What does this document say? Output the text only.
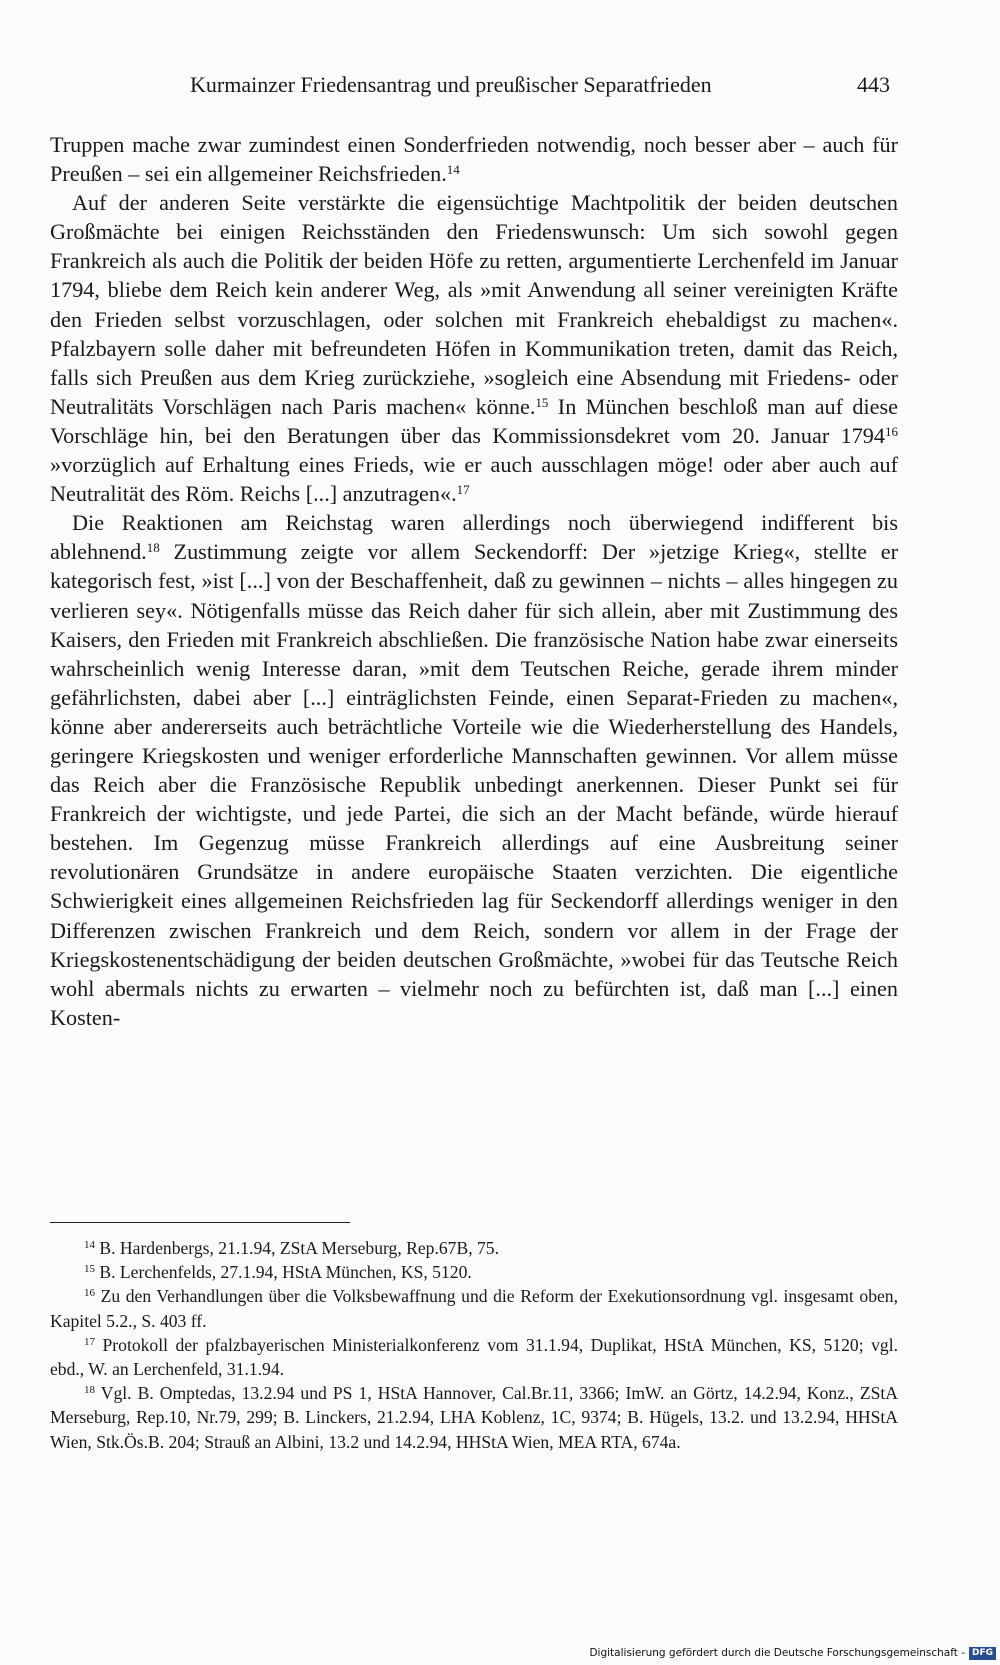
Kurmainzer Friedensantrag und preußischer Separatfrieden	443

Truppen mache zwar zumindest einen Sonderfrieden notwendig, noch besser aber – auch für Preußen – sei ein allgemeiner Reichsfrieden.$^{14}$

Auf der anderen Seite verstärkte die eigensüchtige Machtpolitik der beiden deutschen Großmächte bei einigen Reichsständen den Friedenswunsch: Um sich sowohl gegen Frankreich als auch die Politik der beiden Höfe zu retten, argumentierte Lerchenfeld im Januar 1794, bliebe dem Reich kein anderer Weg, als »mit Anwendung all seiner vereinigten Kräfte den Frieden selbst vorzuschlagen, oder solchen mit Frankreich ehebaldigst zu machen«. Pfalzbayern solle daher mit befreundeten Höfen in Kommunikation treten, damit das Reich, falls sich Preußen aus dem Krieg zurückziehe, »sogleich eine Absendung mit Friedens- oder Neutralitäts Vorschlägen nach Paris machen« könne.$^{15}$ In München beschloß man auf diese Vorschläge hin, bei den Beratungen über das Kommissionsdekret vom 20. Januar 1794$^{16}$ »vorzüglich auf Erhaltung eines Frieds, wie er auch ausschlagen möge! oder aber auch auf Neutralität des Röm. Reichs [...] anzutragen«.$^{17}$

Die Reaktionen am Reichstag waren allerdings noch überwiegend indifferent bis ablehnend.$^{18}$ Zustimmung zeigte vor allem Seckendorff: Der »jetzige Krieg«, stellte er kategorisch fest, »ist [...] von der Beschaffenheit, daß zu gewinnen – nichts – alles hingegen zu verlieren sey«. Nötigenfalls müsse das Reich daher für sich allein, aber mit Zustimmung des Kaisers, den Frieden mit Frankreich abschließen. Die französische Nation habe zwar einerseits wahrscheinlich wenig Interesse daran, »mit dem Teutschen Reiche, gerade ihrem minder gefährlichsten, dabei aber [...] einträglichsten Feinde, einen Separat-Frieden zu machen«, könne aber andererseits auch beträchtliche Vorteile wie die Wiederherstellung des Handels, geringere Kriegskosten und weniger erforderliche Mannschaften gewinnen. Vor allem müsse das Reich aber die Französische Republik unbedingt anerkennen. Dieser Punkt sei für Frankreich der wichtigste, und jede Partei, die sich an der Macht befände, würde hierauf bestehen. Im Gegenzug müsse Frankreich allerdings auf eine Ausbreitung seiner revolutionären Grundsätze in andere europäische Staaten verzichten. Die eigentliche Schwierigkeit eines allgemeinen Reichsfrieden lag für Seckendorff allerdings weniger in den Differenzen zwischen Frankreich und dem Reich, sondern vor allem in der Frage der Kriegskostenentschädigung der beiden deutschen Großmächte, »wobei für das Teutsche Reich wohl abermals nichts zu erwarten – vielmehr noch zu befürchten ist, daß man [...] einen Kosten-

$^{14}$ B. Hardenbergs, 21.1.94, ZStA Merseburg, Rep.67B, 75.

$^{15}$ B. Lerchenfelds, 27.1.94, HStA München, KS, 5120.

$^{16}$ Zu den Verhandlungen über die Volksbewaffnung und die Reform der Exekutionsordnung vgl. insgesamt oben, Kapitel 5.2., S. 403 ff.

$^{17}$ Protokoll der pfalzbayerischen Ministerialkonferenz vom 31.1.94, Duplikat, HStA München, KS, 5120; vgl. ebd., W. an Lerchenfeld, 31.1.94.

$^{18}$ Vgl. B. Omptedas, 13.2.94 und PS 1, HStA Hannover, Cal.Br.11, 3366; ImW. an Görtz, 14.2.94, Konz., ZStA Merseburg, Rep.10, Nr.79, 299; B. Linckers, 21.2.94, LHA Koblenz, 1C, 9374; B. Hügels, 13.2. und 13.2.94, HHStA Wien, Stk.Ös.B. 204; Strauß an Albini, 13.2 und 14.2.94, HHStA Wien, MEA RTA, 674a.

Digitalisierung gefördert durch die Deutsche Forschungsgemeinschaft - DFG
